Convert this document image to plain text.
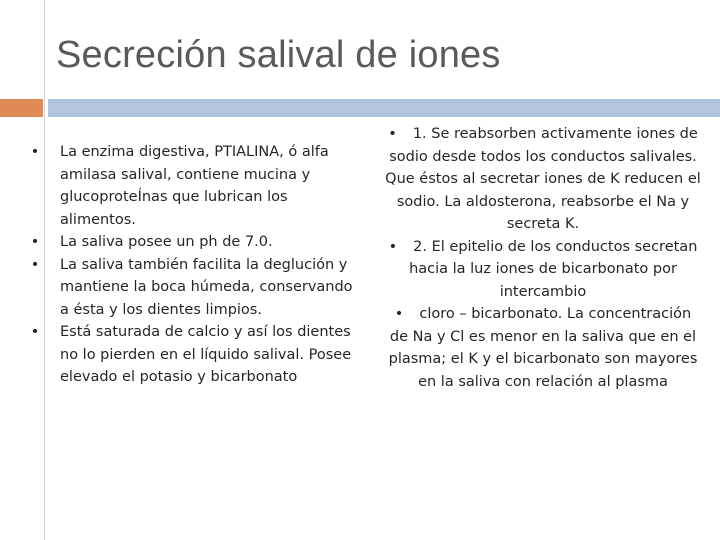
Secreción salival de iones
• La enzima digestiva, PTIALINA, ó alfa amilasa salival, contiene mucina y glucoproteÍnas que lubrican los alimentos.
• La saliva posee un ph de 7.0.
• La saliva también facilita la deglución y mantiene la boca húmeda, conservando a ésta y los dientes limpios.
• Está saturada de calcio y así los dientes no lo pierden en el líquido salival. Posee elevado el potasio y bicarbonato

• 1. Se reabsorben activamente iones de sodio desde todos los conductos salivales. Que éstos al secretar iones de K reducen el sodio. La aldosterona, reabsorbe el Na y secreta K.

• 2. El epitelio de los conductos secretan hacia la luz iones de bicarbonato por intercambio

• cloro – bicarbonato. La concentración de Na y Cl es menor en la saliva que en el plasma; el K y el bicarbonato son mayores en la saliva con relación al plasma
